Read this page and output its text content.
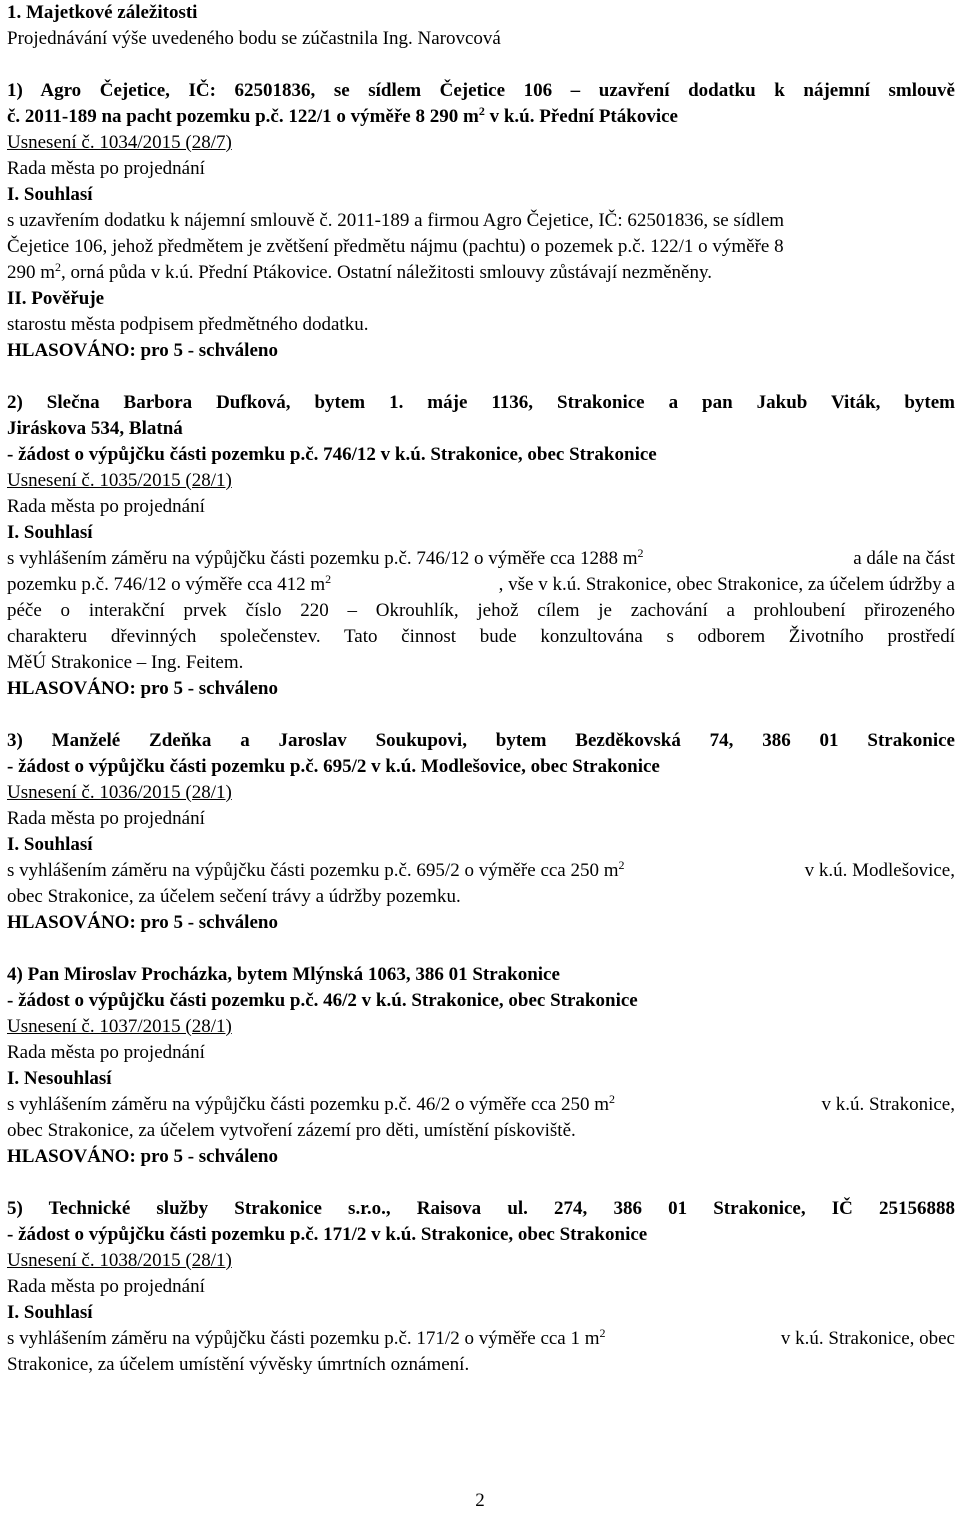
1. Majetkové záležitosti
Projednávání výše uvedeného bodu se zúčastnila Ing. Narovcová
1) Agro Čejetice, IČ: 62501836, se sídlem Čejetice 106 – uzavření dodatku k nájemní smlouvě
č. 2011-189 na pacht pozemku p.č. 122/1 o výměře 8 290 $m^2$ v k.ú. Přední Ptákovice
Usnesení č. 1034/2015 (28/7)
Rada města po projednání
I. Souhlasí
s uzavřením dodatku k nájemní smlouvě č. 2011-189 a firmou Agro Čejetice, IČ: 62501836, se sídlem
Čejetice 106, jehož předmětem je zvětšení předmětu nájmu (pachtu) o pozemek p.č. 122/1 o výměře 8
290 $m^2$, orná půda v k.ú. Přední Ptákovice. Ostatní náležitosti smlouvy zůstávají nezměněny.
II. Pověřuje
starostu města podpisem předmětného dodatku.
HLASOVÁNO: pro 5 - schváleno
2) Slečna Barbora Dufková, bytem 1. máje 1136, Strakonice a pan Jakub Viták, bytem
Jiráskova 534, Blatná
- žádost o výpůjčku části pozemku p.č. 746/12 v k.ú. Strakonice, obec Strakonice
Usnesení č. 1035/2015 (28/1)
Rada města po projednání
I. Souhlasí
s vyhlášením záměru na výpůjčku části pozemku p.č. 746/12 o výměře cca 1288 $m^2$	a dále na část
pozemku p.č. 746/12 o výměře cca 412 $m^2$	, vše v k.ú. Strakonice, obec Strakonice, za účelem údržby a
péče o interakční prvek číslo 220 – Okrouhlík, jehož cílem je zachování a prohloubení přirozeného
charakteru dřevinných společenstev. Tato činnost bude konzultována s odborem Životního prostředí
MěÚ Strakonice – Ing. Feitem.
HLASOVÁNO: pro 5 - schváleno
3) Manželé Zdeňka a Jaroslav Soukupovi, bytem Bezděkovská 74, 386 01 Strakonice
- žádost o výpůjčku části pozemku p.č. 695/2 v k.ú. Modlešovice, obec Strakonice
Usnesení č. 1036/2015 (28/1)
Rada města po projednání
I. Souhlasí
s vyhlášením záměru na výpůjčku části pozemku p.č. 695/2 o výměře cca 250 $m^2$	v k.ú. Modlešovice,
obec Strakonice, za účelem sečení trávy a údržby pozemku.
HLASOVÁNO: pro 5 - schváleno
4) Pan Miroslav Procházka, bytem Mlýnská 1063, 386 01 Strakonice
- žádost o výpůjčku části pozemku p.č. 46/2 v k.ú. Strakonice, obec Strakonice
Usnesení č. 1037/2015 (28/1)
Rada města po projednání
I. Nesouhlasí
s vyhlášením záměru na výpůjčku části pozemku p.č. 46/2 o výměře cca 250 $m^2$	v k.ú. Strakonice,
obec Strakonice, za účelem vytvoření zázemí pro děti, umístění pískoviště.
HLASOVÁNO: pro 5 - schváleno
5) Technické služby Strakonice s.r.o., Raisova ul. 274, 386 01 Strakonice, IČ 25156888
- žádost o výpůjčku části pozemku p.č. 171/2 v k.ú. Strakonice, obec Strakonice
Usnesení č. 1038/2015 (28/1)
Rada města po projednání
I. Souhlasí
s vyhlášením záměru na výpůjčku části pozemku p.č. 171/2 o výměře cca 1 $m^2$	v k.ú. Strakonice, obec
Strakonice, za účelem umístění vývěsky úmrtních oznámení.
2
